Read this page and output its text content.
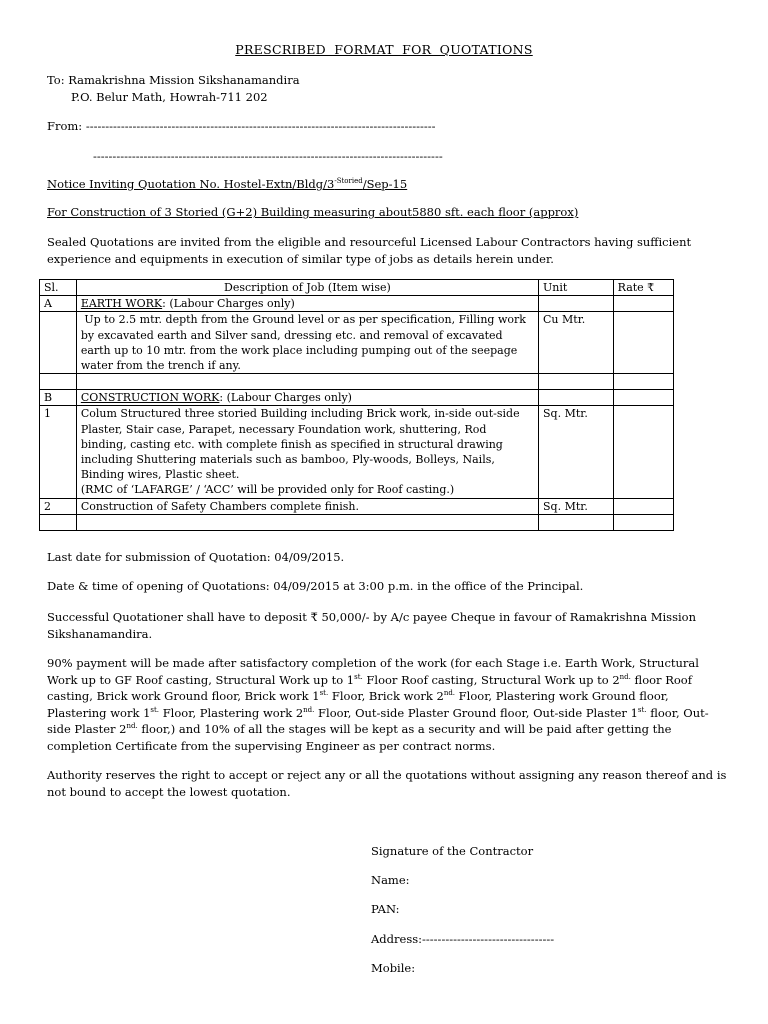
PRESCRIBED FORMAT FOR QUOTATIONS
To: Ramakrishna Mission Sikshanamandira
P.O. Belur Math, Howrah-711 202
From: ------------------------------------------------------------------------------------------
------------------------------------------------------------------------------------------
Notice Inviting Quotation No. Hostel-$Extn/Bldg/3^{-Storied}/Sep-15$
For Construction of 3 Storied (G+2) Building measuring about5880 sft. each floor (approx)
Sealed Quotations are invited from the eligible and resourceful Licensed Labour Contractors having sufficient experience and equipments in execution of similar type of jobs as details herein under.
Sl.	Description of Job (Item wise)	Unit	Rate ₹
A	EARTH WORK: (Labour Charges only)		
	Up to 2.5 mtr. depth from the Ground level or as per specification, Filling work by excavated earth and Silver sand, dressing etc. and removal of excavated earth up to 10 mtr. from the work place including pumping out of the seepage water from the trench if any.	Cu Mtr.	

B	CONSTRUCTION WORK: (Labour Charges only)		
1	Colum Structured three storied Building including Brick work, in-side out-side Plaster, Stair case, Parapet, necessary Foundation work, shuttering, Rod binding, casting etc. with complete finish as specified in structural drawing including Shuttering materials such as bamboo, Ply-woods, Bolleys, Nails, Binding wires, Plastic sheet.
(RMC of ‘LAFARGE’ / ‘ACC’ will be provided only for Roof casting.)	Sq. Mtr.	
2	Construction of Safety Chambers complete finish.	Sq. Mtr.	

Last date for submission of Quotation: 04/09/2015.
Date & time of opening of Quotations: 04/09/2015 at 3:00 p.m. in the office of the Principal.
Successful Quotationer shall have to deposit ₹ 50,000/- by A/c payee Cheque in favour of Ramakrishna Mission Sikshanamandira.
90% payment will be made after satisfactory completion of the work (for each Stage i.e. Earth Work, Structural Work up to GF Roof casting, Structural Work up to $1^{st.}$ Floor Roof casting, Structural Work up to $2^{nd.}$ floor Roof casting, Brick work Ground floor, Brick work $1^{st.}$ Floor, Brick work $2^{nd.}$ Floor, Plastering work Ground floor, Plastering work $1^{st.}$ Floor, Plastering work $2^{nd.}$ Floor, Out-side Plaster Ground floor, Out-side Plaster $1^{st.}$ floor, Out-side Plaster $2^{nd.}$ floor,) and 10% of all the stages will be kept as a security and will be paid after getting the completion Certificate from the supervising Engineer as per contract norms.
Authority reserves the right to accept or reject any or all the quotations without assigning any reason thereof and is not bound to accept the lowest quotation.
Signature of the Contractor
Name:
PAN:
Address:----------------------------------
Mobile:
